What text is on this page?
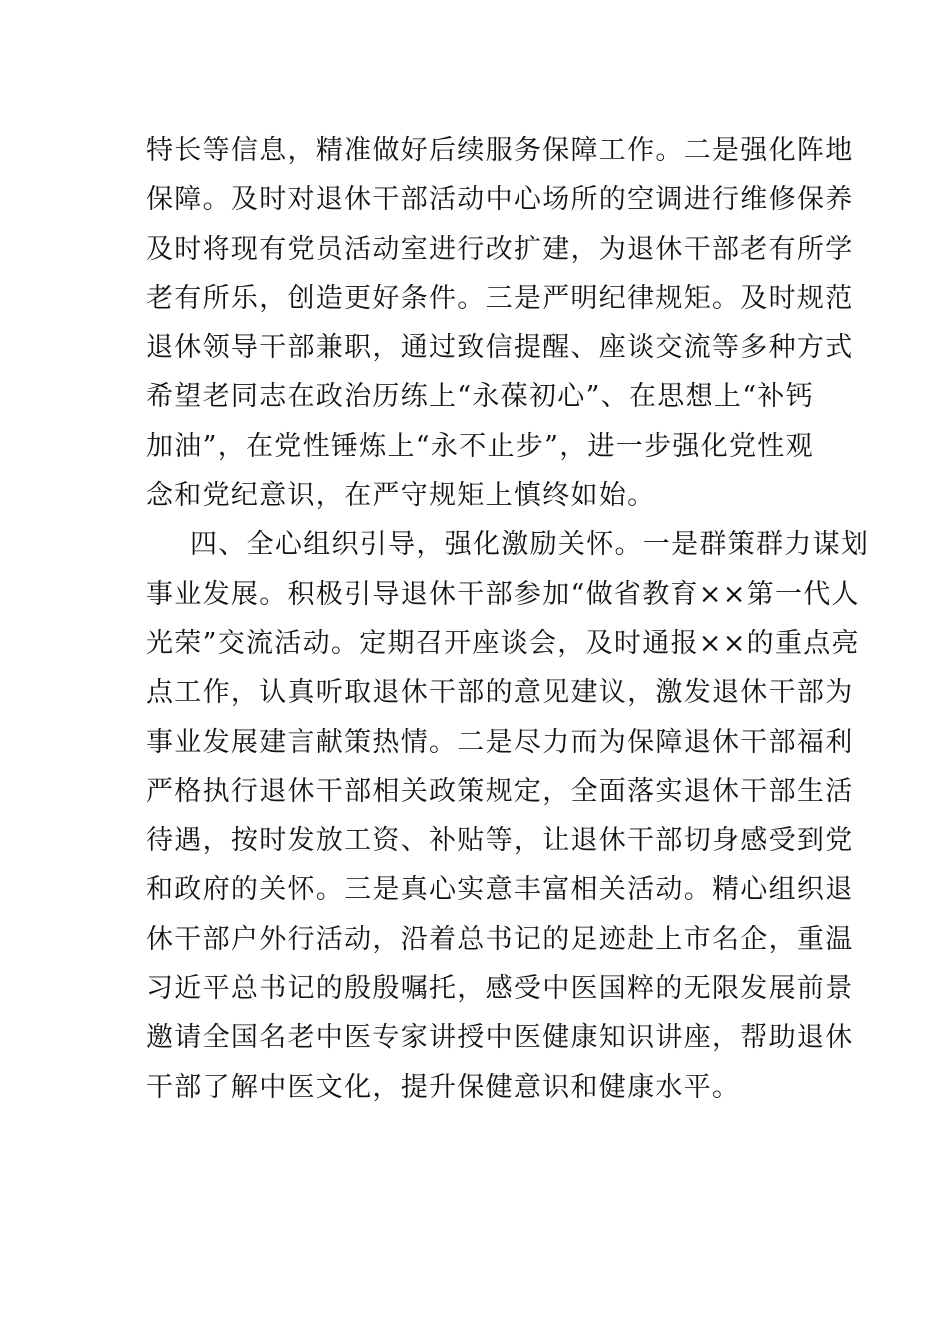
特长等信息，精准做好后续服务保障工作。二是强化阵地
保障。及时对退休干部活动中心场所的空调进行维修保养
及时将现有党员活动室进行改扩建，为退休干部老有所学
老有所乐，创造更好条件。三是严明纪律规矩。及时规范
退休领导干部兼职，通过致信提醒、座谈交流等多种方式
希望老同志在政治历练上“永葆初心”、在思想上“补钙
加油”，在党性锤炼上“永不止步”，进一步强化党性观
念和党纪意识，在严守规矩上慎终如始。
四、全心组织引导，强化激励关怀。一是群策群力谋划
事业发展。积极引导退休干部参加“做省教育××第一代人
光荣”交流活动。定期召开座谈会，及时通报××的重点亮
点工作，认真听取退休干部的意见建议，激发退休干部为
事业发展建言献策热情。二是尽力而为保障退休干部福利
严格执行退休干部相关政策规定，全面落实退休干部生活
待遇，按时发放工资、补贴等，让退休干部切身感受到党
和政府的关怀。三是真心实意丰富相关活动。精心组织退
休干部户外行活动，沿着总书记的足迹赴上市名企，重温
习近平总书记的殷殷嘱托，感受中医国粹的无限发展前景
邀请全国名老中医专家讲授中医健康知识讲座，帮助退休
干部了解中医文化，提升保健意识和健康水平。
